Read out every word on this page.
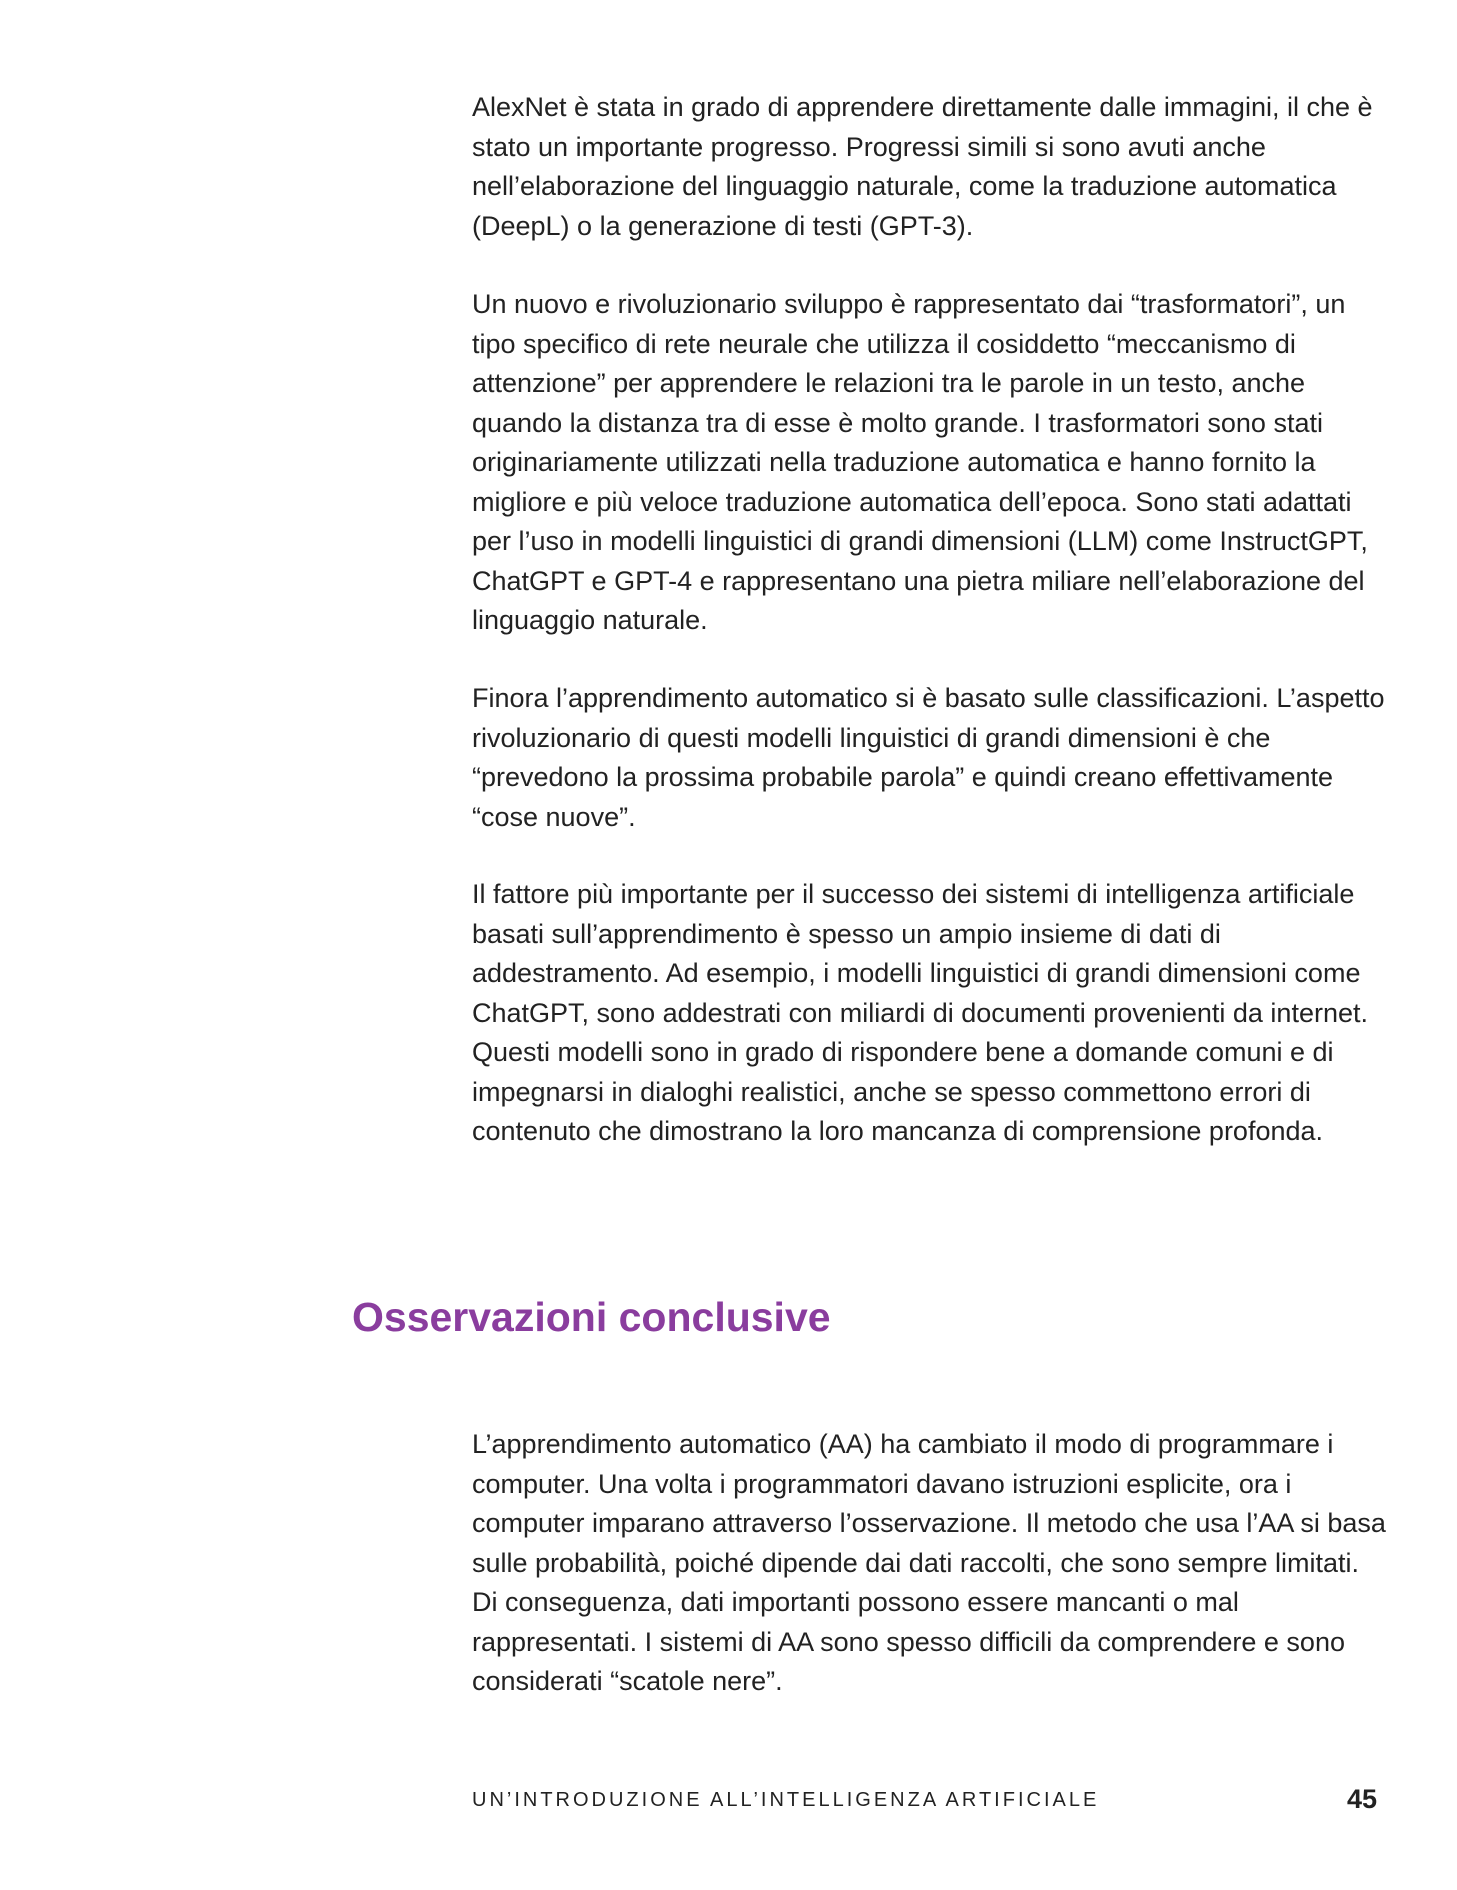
AlexNet è stata in grado di apprendere direttamente dalle immagini, il che è stato un importante progresso. Progressi simili si sono avuti anche nell’elaborazione del linguaggio naturale, come la traduzione automatica (DeepL) o la generazione di testi (GPT-3).

Un nuovo e rivoluzionario sviluppo è rappresentato dai “trasformatori”, un tipo specifico di rete neurale che utilizza il cosiddetto “meccanismo di attenzione” per apprendere le relazioni tra le parole in un testo, anche quando la distanza tra di esse è molto grande. I trasformatori sono stati originariamente utilizzati nella traduzione automatica e hanno fornito la migliore e più veloce traduzione automatica dell’epoca. Sono stati adattati per l’uso in modelli linguistici di grandi dimensioni (LLM) come InstructGPT, ChatGPT e GPT-4 e rappresentano una pietra miliare nell’elaborazione del linguaggio naturale.

Finora l’apprendimento automatico si è basato sulle classificazioni. L’aspetto rivoluzionario di questi modelli linguistici di grandi dimensioni è che “prevedono la prossima probabile parola” e quindi creano effettivamente “cose nuove”.

Il fattore più importante per il successo dei sistemi di intelligenza artificiale basati sull’apprendimento è spesso un ampio insieme di dati di addestramento. Ad esempio, i modelli linguistici di grandi dimensioni come ChatGPT, sono addestrati con miliardi di documenti provenienti da internet. Questi modelli sono in grado di rispondere bene a domande comuni e di impegnarsi in dialoghi realistici, anche se spesso commettono errori di contenuto che dimostrano la loro mancanza di comprensione profonda.

Osservazioni conclusive

L’apprendimento automatico (AA) ha cambiato il modo di programmare i computer. Una volta i programmatori davano istruzioni esplicite, ora i computer imparano attraverso l’osservazione. Il metodo che usa l’AA si basa sulle probabilità, poiché dipende dai dati raccolti, che sono sempre limitati. Di conseguenza, dati importanti possono essere mancanti o mal rappresentati. I sistemi di AA sono spesso difficili da comprendere e sono considerati “scatole nere”.

UN’INTRODUZIONE ALL’INTELLIGENZA ARTIFICIALE	45
